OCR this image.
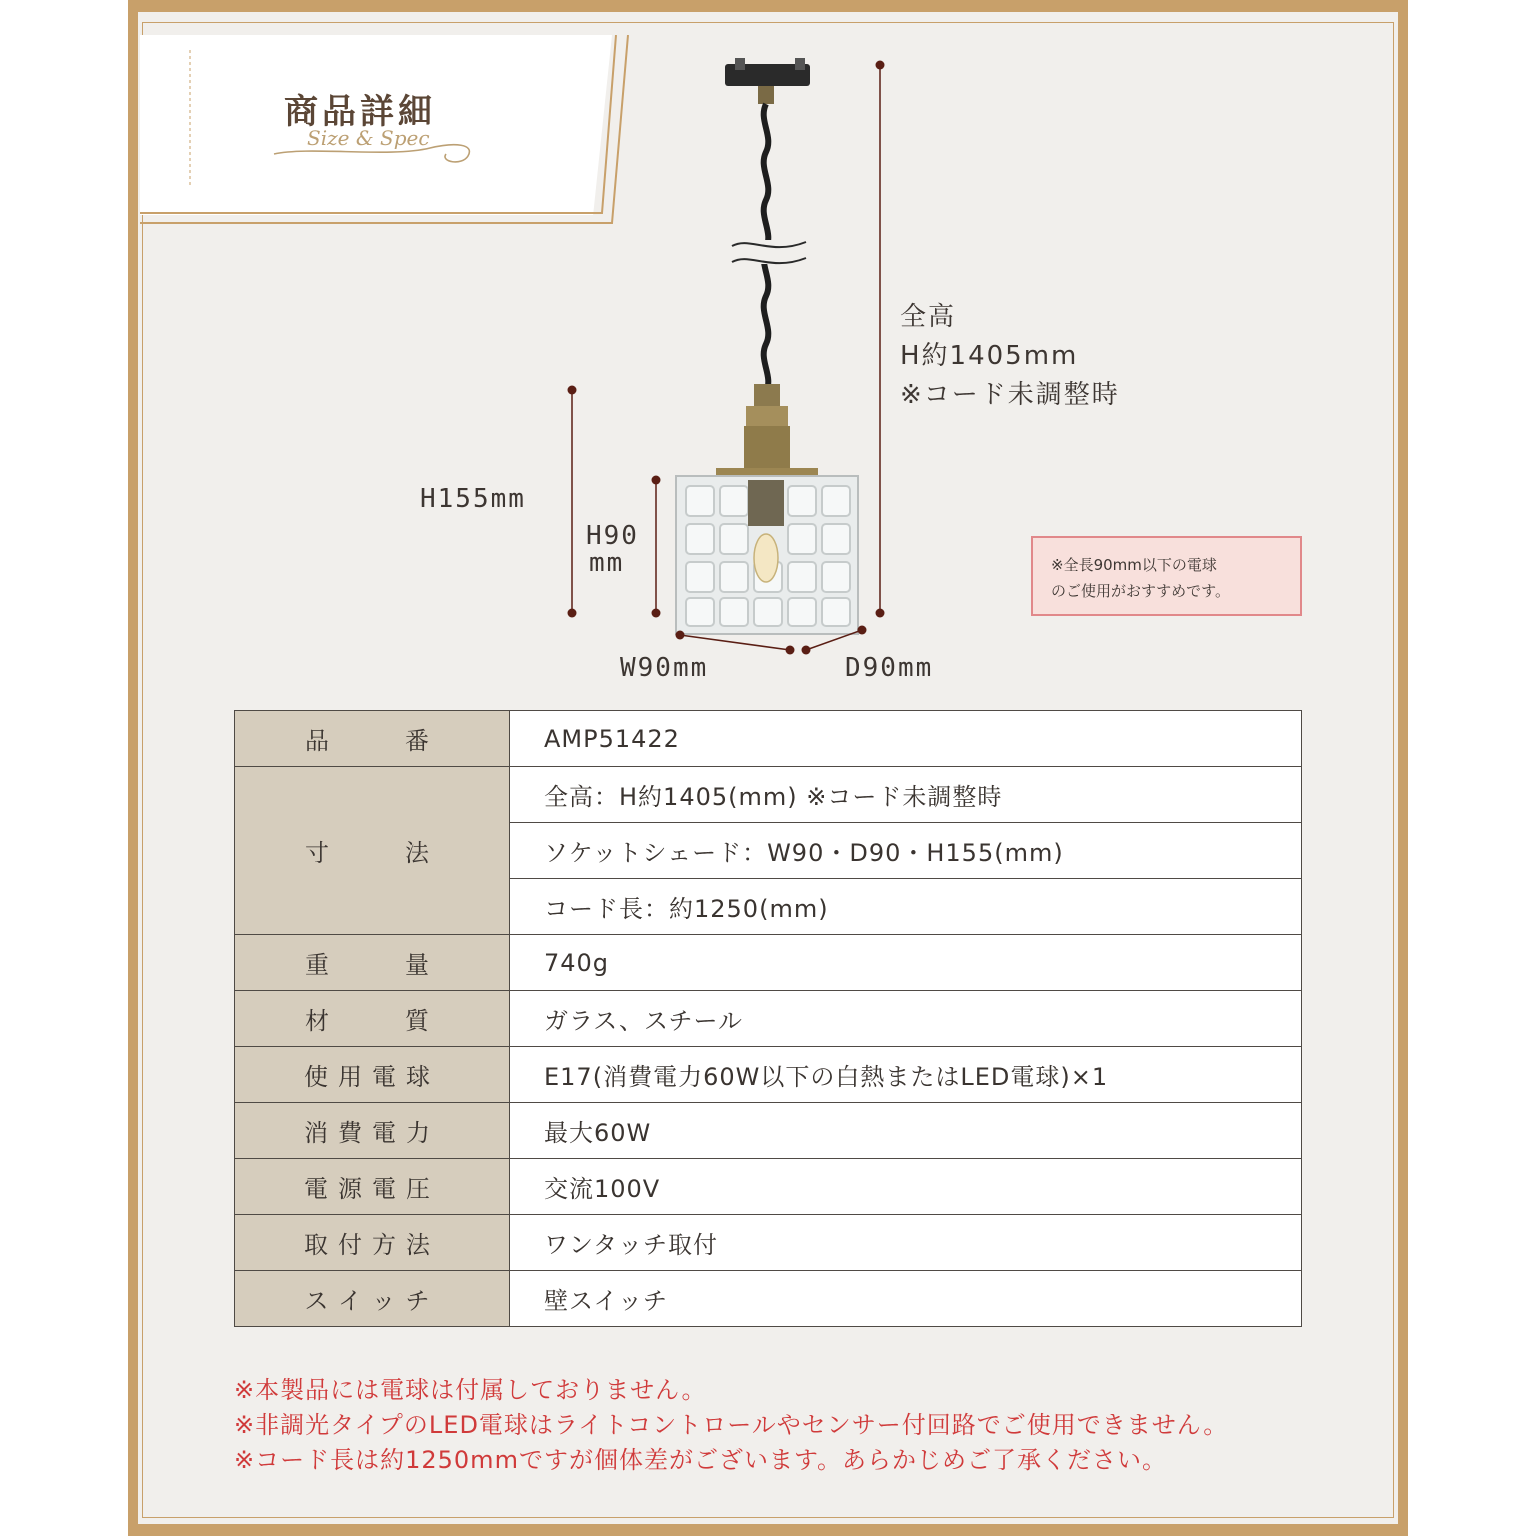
商品詳細
Size & Spec
全高
H約1405mm
※コード未調整時
H155mm
H90
mm
W90mm	D90mm
※全長90mm以下の電球
のご使用がおすすめです。
品 番	AMP51422

寸 法	全高：H約1405(mm) ※コード未調整時
	ソケットシェード：W90・D90・H155(mm)
	コード長：約1250(mm)

重 量	740g

材 質	ガラス、スチール
使用電球	E17(消費電力60W以下の白熱またはLED電球)×1
消費電力	最大60W
電源電圧	交流100V
取付方法	ワンタッチ取付
スイッチ	壁スイッチ
※本製品には電球は付属しておりません。
※非調光タイプのLED電球はライトコントロールやセンサー付回路でご使用できません。
※コード長は約1250mmですが個体差がございます。あらかじめご了承ください。
